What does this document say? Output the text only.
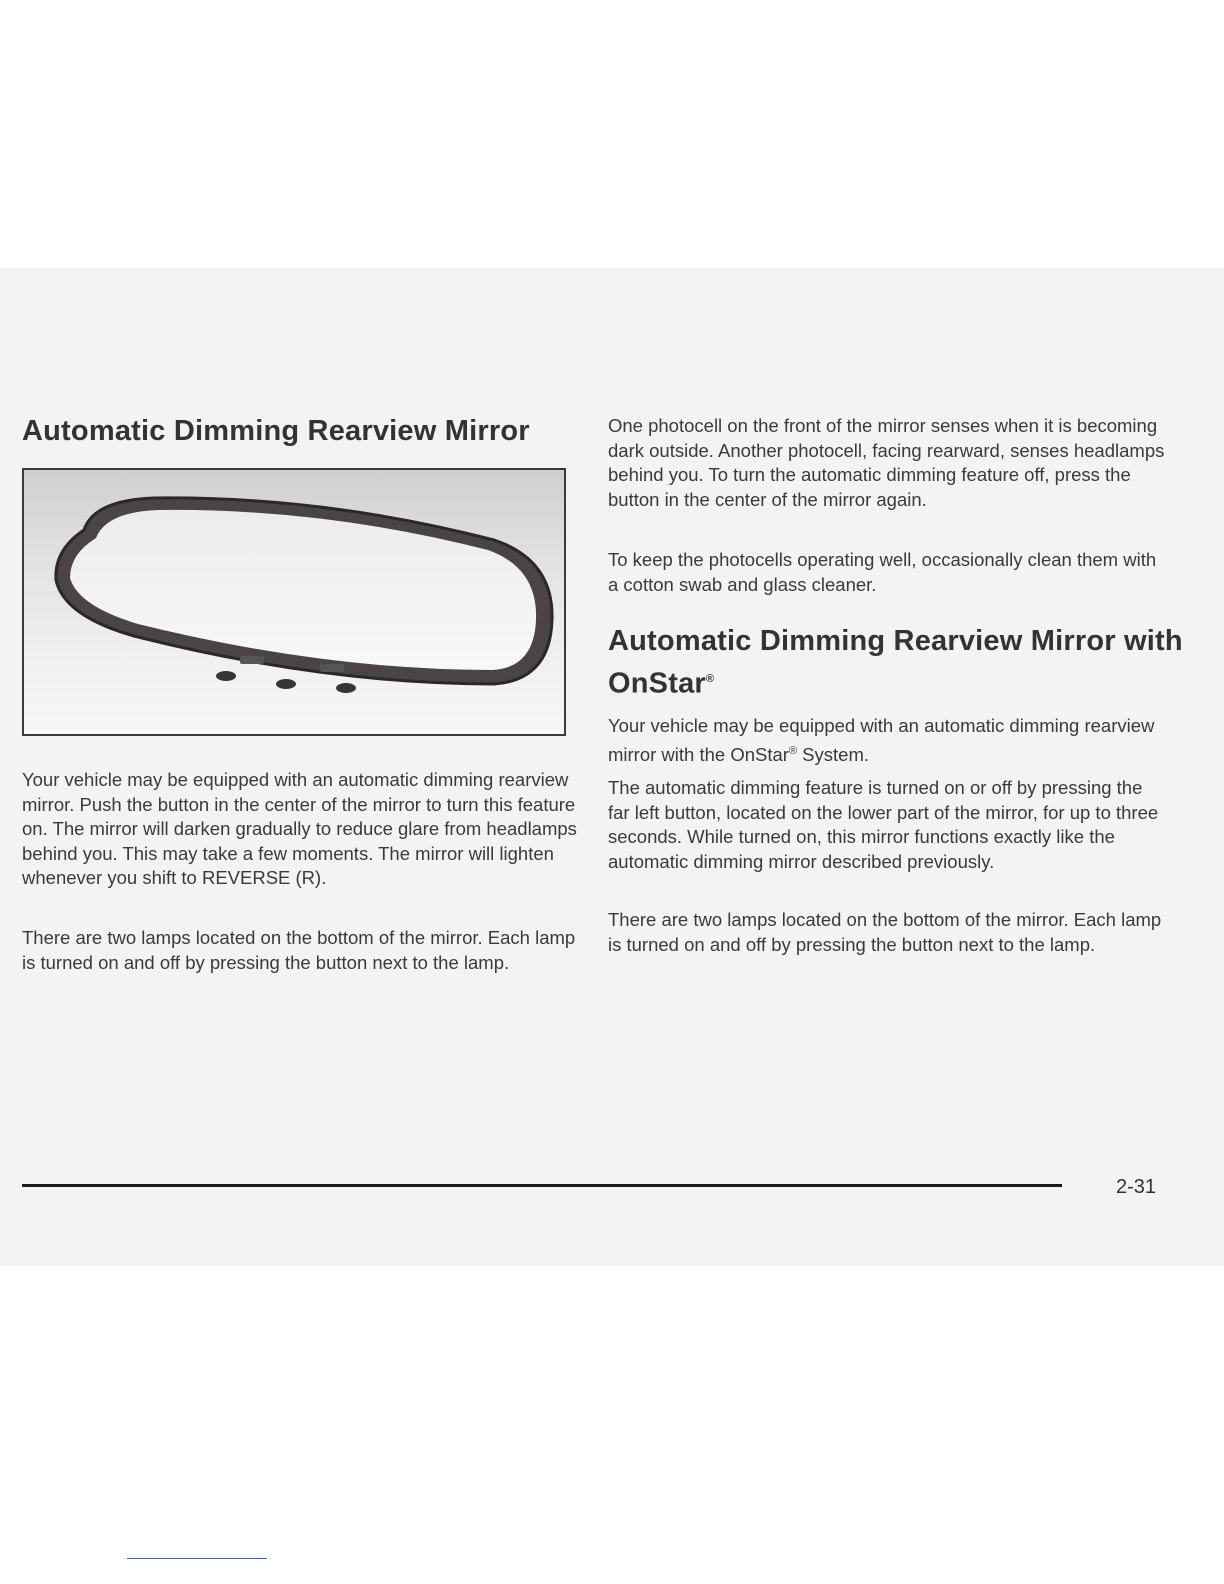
Automatic Dimming Rearview Mirror

Your vehicle may be equipped with an automatic dimming rearview mirror. Push the button in the center of the mirror to turn this feature on. The mirror will darken gradually to reduce glare from headlamps behind you. This may take a few moments. The mirror will lighten whenever you shift to REVERSE (R).

There are two lamps located on the bottom of the mirror. Each lamp is turned on and off by pressing the button next to the lamp.

One photocell on the front of the mirror senses when it is becoming dark outside. Another photocell, facing rearward, senses headlamps behind you. To turn the automatic dimming feature off, press the button in the center of the mirror again.

To keep the photocells operating well, occasionally clean them with a cotton swab and glass cleaner.

Automatic Dimming Rearview Mirror with OnStar®

Your vehicle may be equipped with an automatic dimming rearview mirror with the OnStar® System.

The automatic dimming feature is turned on or off by pressing the far left button, located on the lower part of the mirror, for up to three seconds. While turned on, this mirror functions exactly like the automatic dimming mirror described previously.

There are two lamps located on the bottom of the mirror. Each lamp is turned on and off by pressing the button next to the lamp.

2-31
